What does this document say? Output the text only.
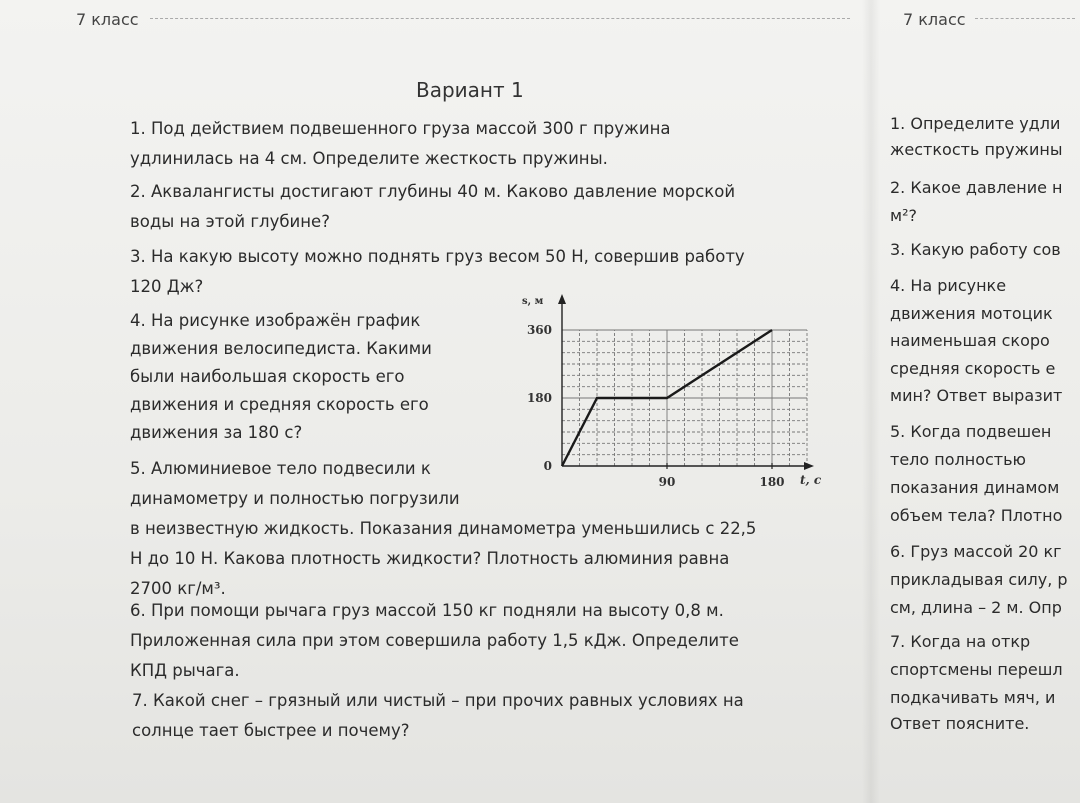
7 класс	7 класс
Вариант 1
1. Под действием подвешенного груза массой 300 г пружина
удлинилась на 4 см. Определите жесткость пружины.
2. Аквалангисты достигают глубины 40 м. Каково давление морской
воды на этой глубине?
3. На какую высоту можно поднять груз весом 50 Н, совершив работу
120 Дж?
4. На рисунке изображён график
движения велосипедиста. Какими
были наибольшая скорость его
движения и средняя скорость его
движения за 180 с?
5. Алюминиевое тело подвесили к
динамометру и полностью погрузили
в неизвестную жидкость. Показания динамометра уменьшились с 22,5
Н до 10 Н. Какова плотность жидкости? Плотность алюминия равна
2700 кг/м³.
6. При помощи рычага груз массой 150 кг подняли на высоту 0,8 м.
Приложенная сила при этом совершила работу 1,5 кДж. Определите
КПД рычага.
7. Какой снег – грязный или чистый – при прочих равных условиях на
солнце тает быстрее и почему?
s, м
t, с
0
180
360
90	180
1. Определите удли
жесткость пружины
2. Какое давление н
м²?
3. Какую работу сов
4. На рисунке
движения мотоцик
наименьшая скоро
средняя скорость е
мин? Ответ выразит
5. Когда подвешен
тело полностью
показания динамом
объем тела? Плотно
6. Груз массой 20 кг
прикладывая силу, р
см, длина – 2 м. Опр
7. Когда на откр
спортсмены перешл
подкачивать мяч, и
Ответ поясните.
